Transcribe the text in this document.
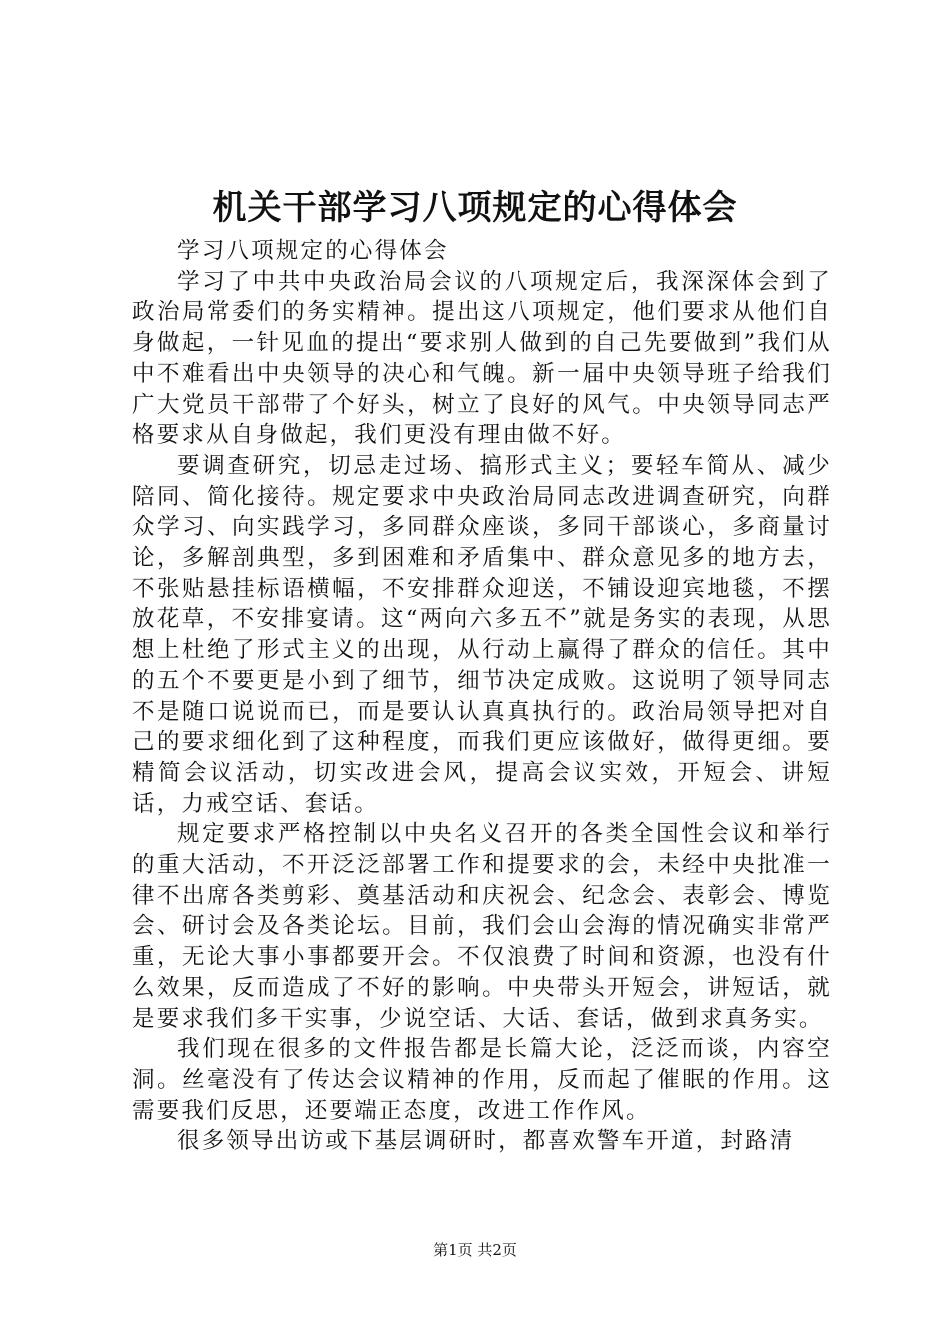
机关干部学习八项规定的心得体会

学习八项规定的心得体会

学习了中共中央政治局会议的八项规定后，我深深体会到了政治局常委们的务实精神。提出这八项规定，他们要求从他们自身做起，一针见血的提出“要求别人做到的自己先要做到”我们从中不难看出中央领导的决心和气魄。新一届中央领导班子给我们广大党员干部带了个好头，树立了良好的风气。中央领导同志严格要求从自身做起，我们更没有理由做不好。

要调查研究，切忌走过场、搞形式主义；要轻车简从、减少陪同、简化接待。规定要求中央政治局同志改进调查研究，向群众学习、向实践学习，多同群众座谈，多同干部谈心，多商量讨论，多解剖典型，多到困难和矛盾集中、群众意见多的地方去，不张贴悬挂标语横幅，不安排群众迎送，不铺设迎宾地毯，不摆放花草，不安排宴请。这“两向六多五不”就是务实的表现，从思想上杜绝了形式主义的出现，从行动上赢得了群众的信任。其中的五个不要更是小到了细节，细节决定成败。这说明了领导同志不是随口说说而已，而是要认认真真执行的。政治局领导把对自己的要求细化到了这种程度，而我们更应该做好，做得更细。要精简会议活动，切实改进会风，提高会议实效，开短会、讲短话，力戒空话、套话。

规定要求严格控制以中央名义召开的各类全国性会议和举行的重大活动，不开泛泛部署工作和提要求的会，未经中央批准一律不出席各类剪彩、奠基活动和庆祝会、纪念会、表彰会、博览会、研讨会及各类论坛。目前，我们会山会海的情况确实非常严重，无论大事小事都要开会。不仅浪费了时间和资源，也没有什么效果，反而造成了不好的影响。中央带头开短会，讲短话，就是要求我们多干实事，少说空话、大话、套话，做到求真务实。

我们现在很多的文件报告都是长篇大论，泛泛而谈，内容空洞。丝毫没有了传达会议精神的作用，反而起了催眠的作用。这需要我们反思，还要端正态度，改进工作作风。

很多领导出访或下基层调研时，都喜欢警车开道，封路清

第1页 共2页
